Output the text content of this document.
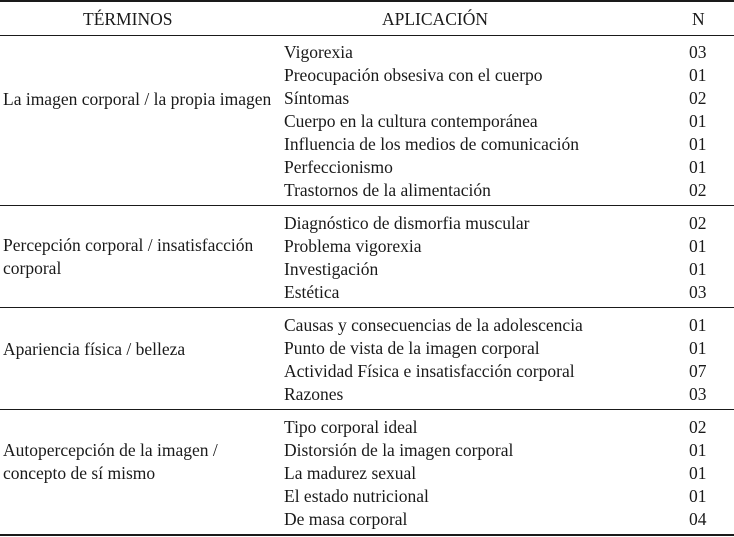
TÉRMINOS	APLICACIÓN	N
La imagen corporal / la propia imagen
Vigorexia	03
Preocupación obsesiva con el cuerpo	01
Síntomas	02
Cuerpo en la cultura contemporánea	01
Influencia de los medios de comunicación	01
Perfeccionismo	01
Trastornos de la alimentación	02
Percepción corporal / insatisfacción corporal
Diagnóstico de dismorfia muscular	02
Problema vigorexia	01
Investigación	01
Estética	03
Apariencia física / belleza
Causas y consecuencias de la adolescencia	01
Punto de vista de la imagen corporal	01
Actividad Física e insatisfacción corporal	07
Razones	03
Autopercepción de la imagen / concepto de sí mismo
Tipo corporal ideal	02
Distorsión de la imagen corporal	01
La madurez sexual	01
El estado nutricional	01
De masa corporal	04
